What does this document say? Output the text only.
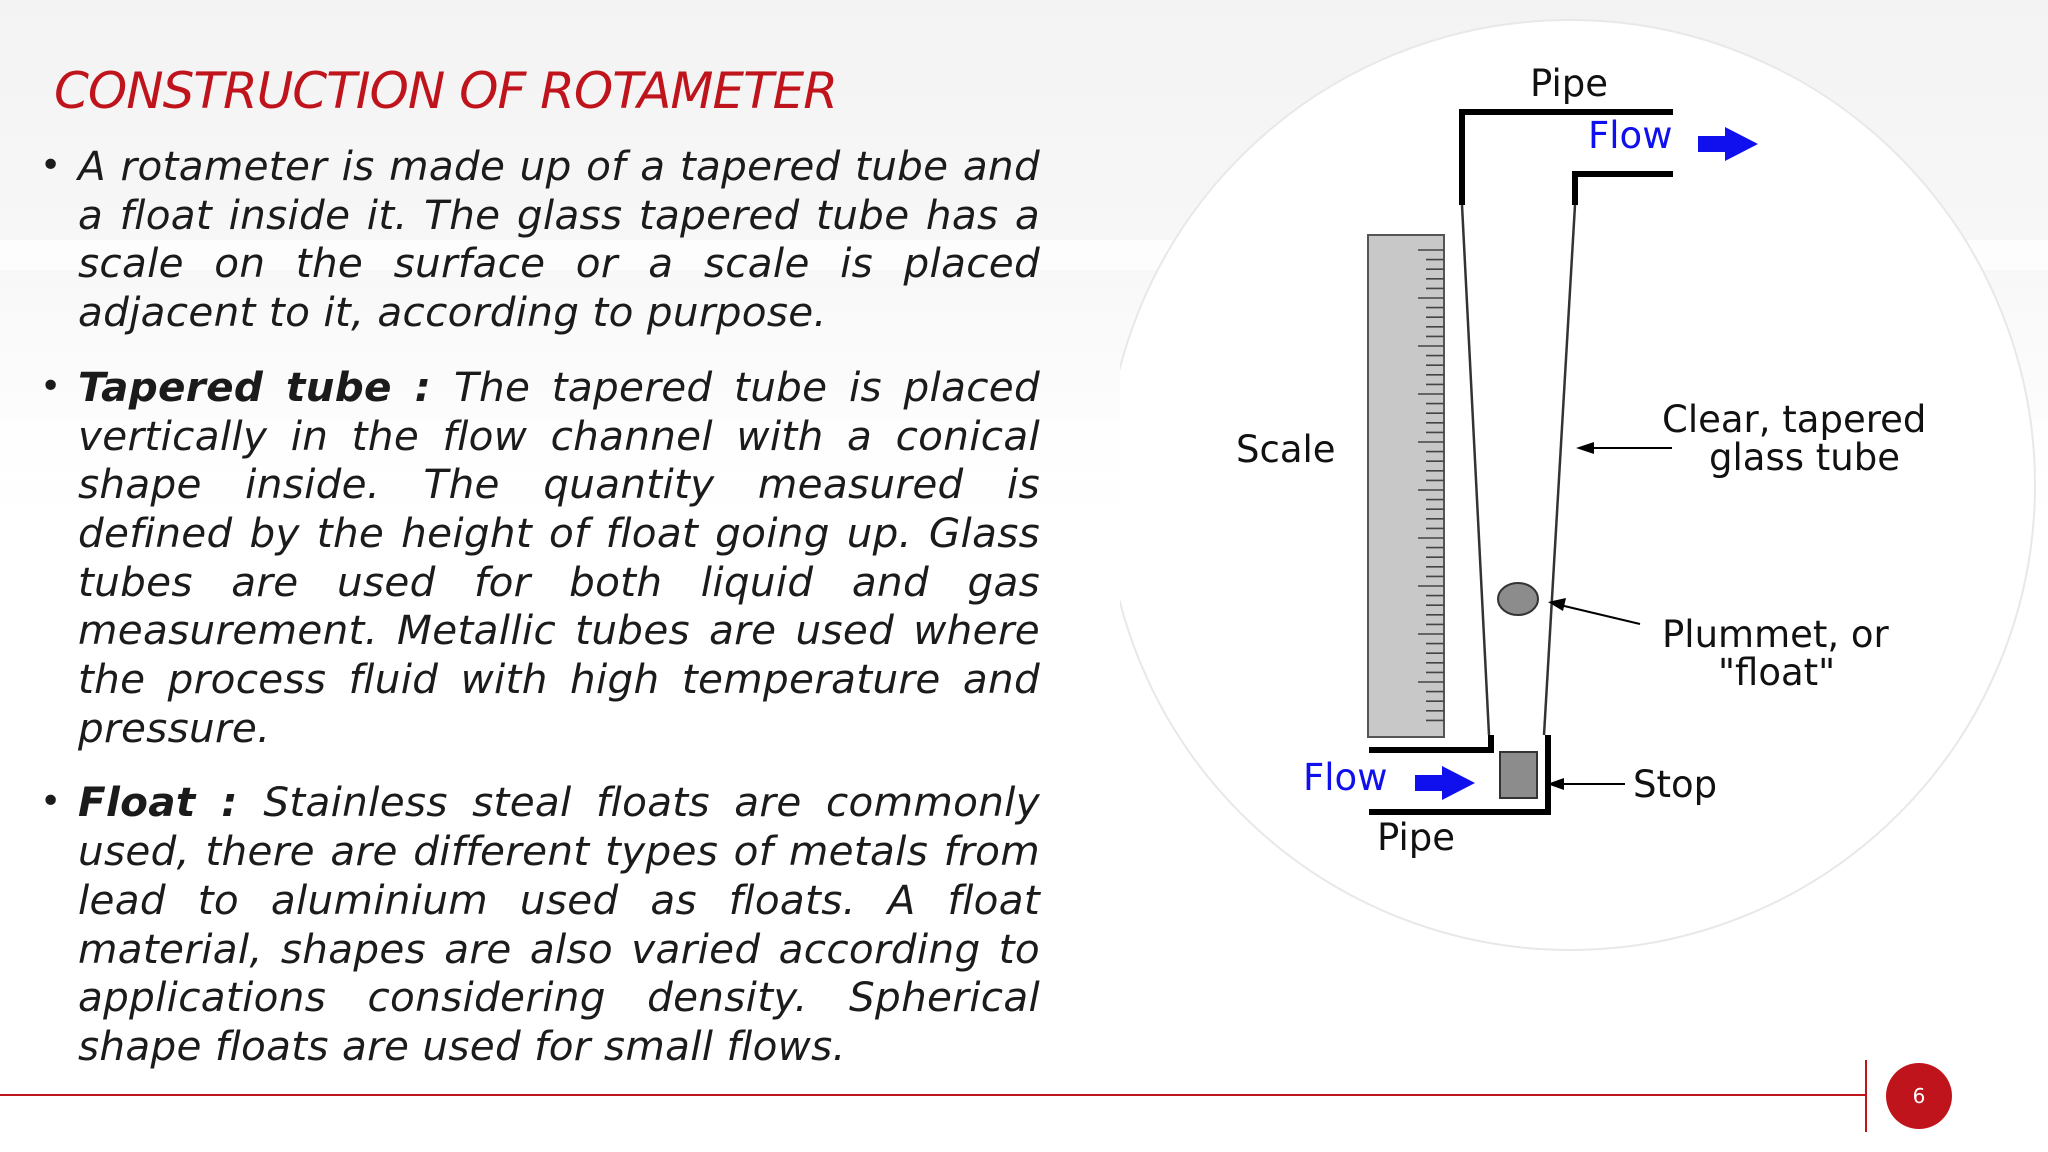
CONSTRUCTION OF ROTAMETER
• A rotameter is made up of a tapered tube and a float inside it. The glass tapered tube has a scale on the surface or a scale is placed adjacent to it, according to purpose.
• Tapered tube : The tapered tube is placed vertically in the flow channel with a conical shape inside. The quantity measured is defined by the height of float going up. Glass tubes are used for both liquid and gas measurement. Metallic tubes are used where the process fluid with high temperature and pressure.
• Float : Stainless steal floats are commonly used, there are different types of metals from lead to aluminium used as floats. A float material, shapes are also varied according to applications considering density. Spherical shape floats are used for small flows.
Pipe
Flow
Scale
Clear, tapered
glass tube
Plummet, or
"float"
Flow	Stop
Pipe
6
